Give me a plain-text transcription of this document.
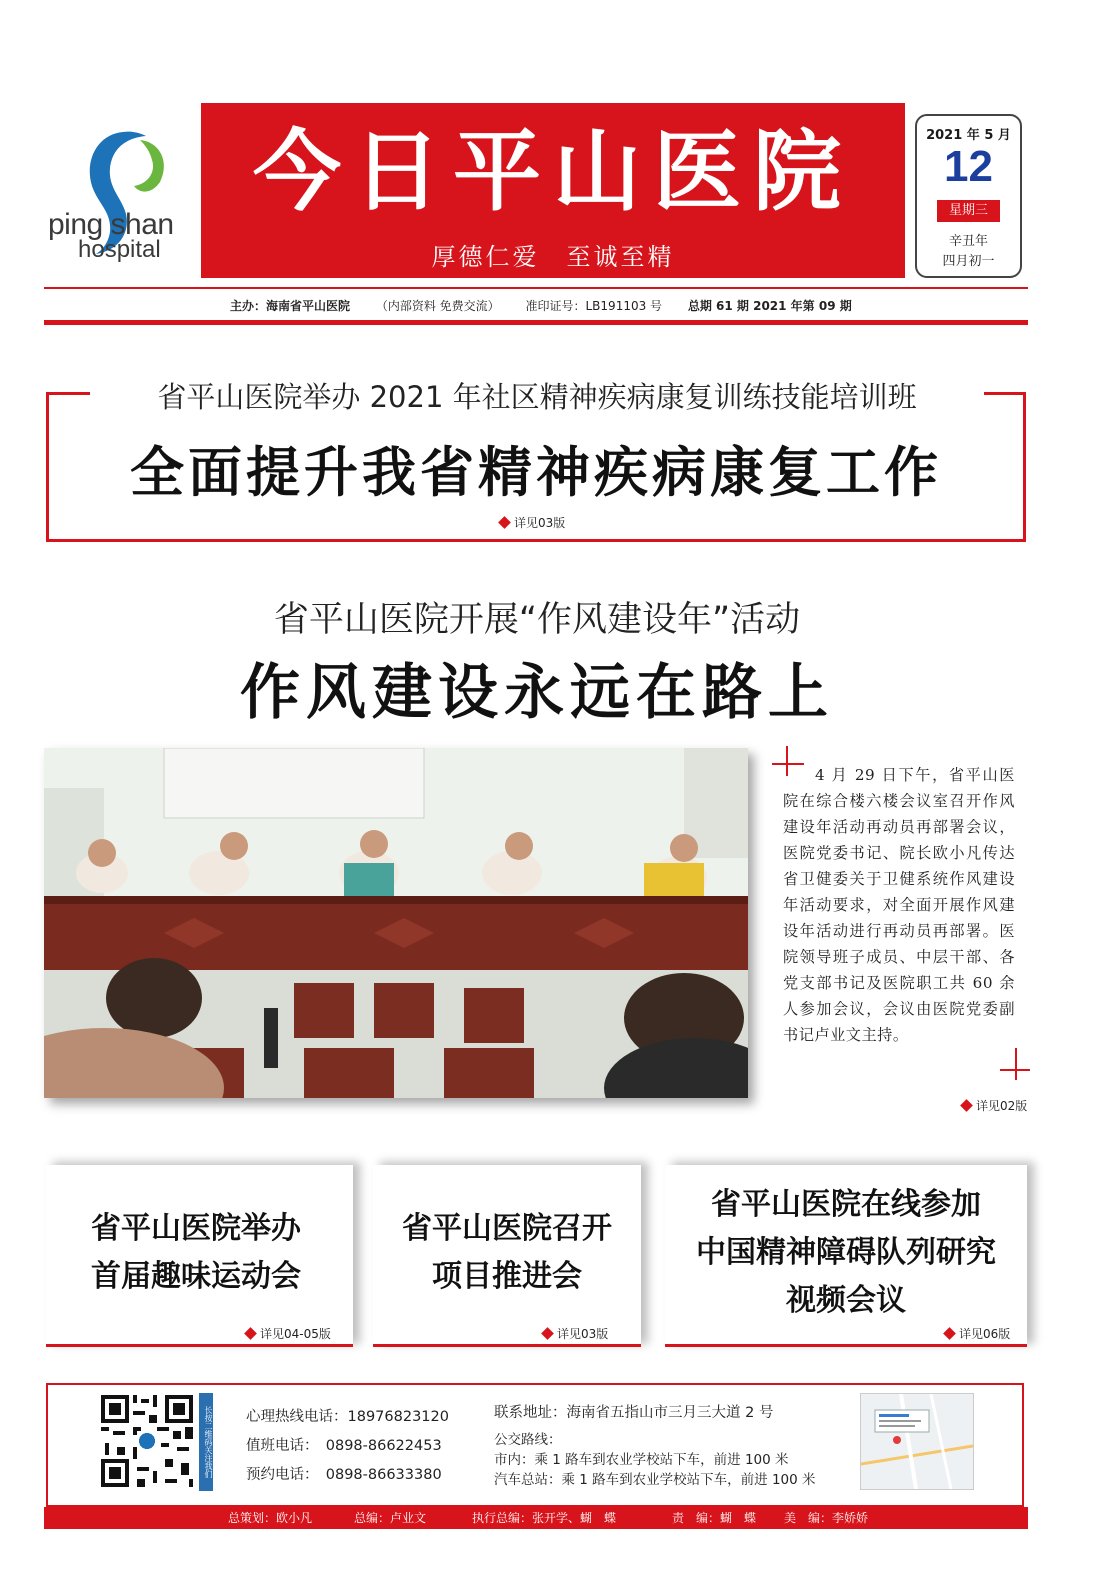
ping shan
hospital
今日平山医院
厚德仁爱　至诚至精
2021 年 5 月
12
星期三
辛丑年
四月初一
主办：海南省平山医院 （内部资料 免费交流） 准印证号：LB191103 号 总期 61 期 2021 年第 09 期
省平山医院举办 2021 年社区精神疾病康复训练技能培训班
全面提升我省精神疾病康复工作
详见03版
省平山医院开展“作风建设年”活动
作风建设永远在路上
4 月 29 日下午，省平山医院在综合楼六楼会议室召开作风建设年活动再动员再部署会议，医院党委书记、院长欧小凡传达省卫健委关于卫健系统作风建设年活动要求，对全面开展作风建设年活动进行再动员再部署。医院领导班子成员、中层干部、各党支部书记及医院职工共 60 余人参加会议，会议由医院党委副书记卢业文主持。
详见02版
省平山医院举办
首届趣味运动会
详见04-05版
省平山医院召开
项目推进会
详见03版
省平山医院在线参加
中国精神障碍队列研究
视频会议
详见06版
长按二维码关注我们 心理热线电话：18976823120
值班电话：　0898-86622453
预约电话：　0898-86633380
联系地址：海南省五指山市三月三大道 2 号
公交路线：
市内：乘 1 路车到农业学校站下车，前进 100 米
汽车总站：乘 1 路车到农业学校站下车，前进 100 米
总策划：欧小凡	总编：卢业文	执行总编：张开学、蝴　蝶	责　编：蝴　蝶 美　编：李娇娇
